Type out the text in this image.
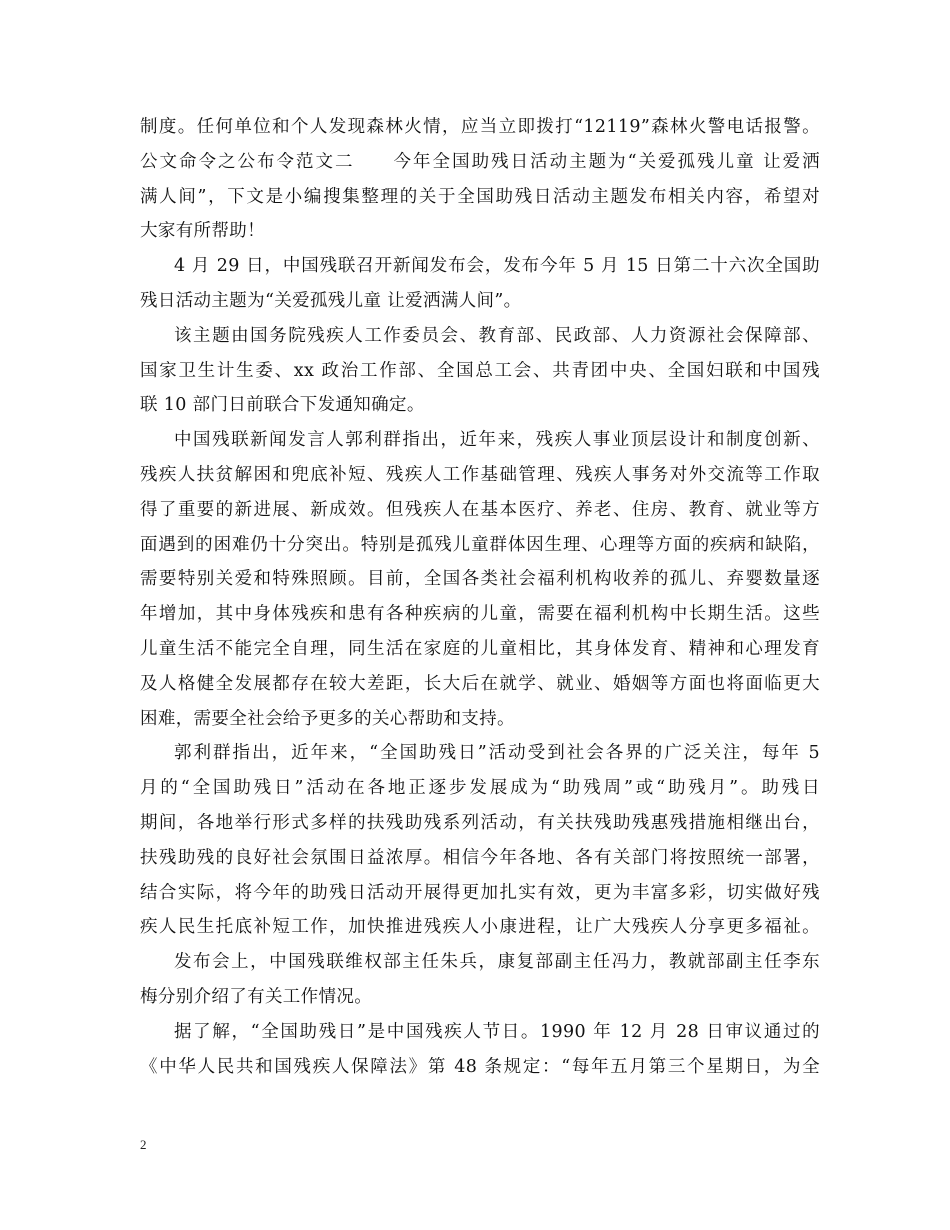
制度。任何单位和个人发现森林火情，应当立即拨打“12119”森林火警电话报警。
公文命令之公布令范文二　　今年全国助残日活动主题为“关爱孤残儿童 让爱洒
满人间”，下文是小编搜集整理的关于全国助残日活动主题发布相关内容，希望对
大家有所帮助！
4 月 29 日，中国残联召开新闻发布会，发布今年 5 月 15 日第二十六次全国助
残日活动主题为“关爱孤残儿童 让爱洒满人间”。
该主题由国务院残疾人工作委员会、教育部、民政部、人力资源社会保障部、
国家卫生计生委、xx 政治工作部、全国总工会、共青团中央、全国妇联和中国残
联 10 部门日前联合下发通知确定。
中国残联新闻发言人郭利群指出，近年来，残疾人事业顶层设计和制度创新、
残疾人扶贫解困和兜底补短、残疾人工作基础管理、残疾人事务对外交流等工作取
得了重要的新进展、新成效。但残疾人在基本医疗、养老、住房、教育、就业等方
面遇到的困难仍十分突出。特别是孤残儿童群体因生理、心理等方面的疾病和缺陷，
需要特别关爱和特殊照顾。目前，全国各类社会福利机构收养的孤儿、弃婴数量逐
年增加，其中身体残疾和患有各种疾病的儿童，需要在福利机构中长期生活。这些
儿童生活不能完全自理，同生活在家庭的儿童相比，其身体发育、精神和心理发育
及人格健全发展都存在较大差距，长大后在就学、就业、婚姻等方面也将面临更大
困难，需要全社会给予更多的关心帮助和支持。
郭利群指出，近年来，“全国助残日”活动受到社会各界的广泛关注，每年 5
月的“全国助残日”活动在各地正逐步发展成为“助残周”或“助残月”。助残日
期间，各地举行形式多样的扶残助残系列活动，有关扶残助残惠残措施相继出台，
扶残助残的良好社会氛围日益浓厚。相信今年各地、各有关部门将按照统一部署，
结合实际，将今年的助残日活动开展得更加扎实有效，更为丰富多彩，切实做好残
疾人民生托底补短工作，加快推进残疾人小康进程，让广大残疾人分享更多福祉。
发布会上，中国残联维权部主任朱兵，康复部副主任冯力，教就部副主任李东
梅分别介绍了有关工作情况。
据了解，“全国助残日”是中国残疾人节日。1990 年 12 月 28 日审议通过的
《中华人民共和国残疾人保障法》第 48 条规定：“每年五月第三个星期日，为全
2
